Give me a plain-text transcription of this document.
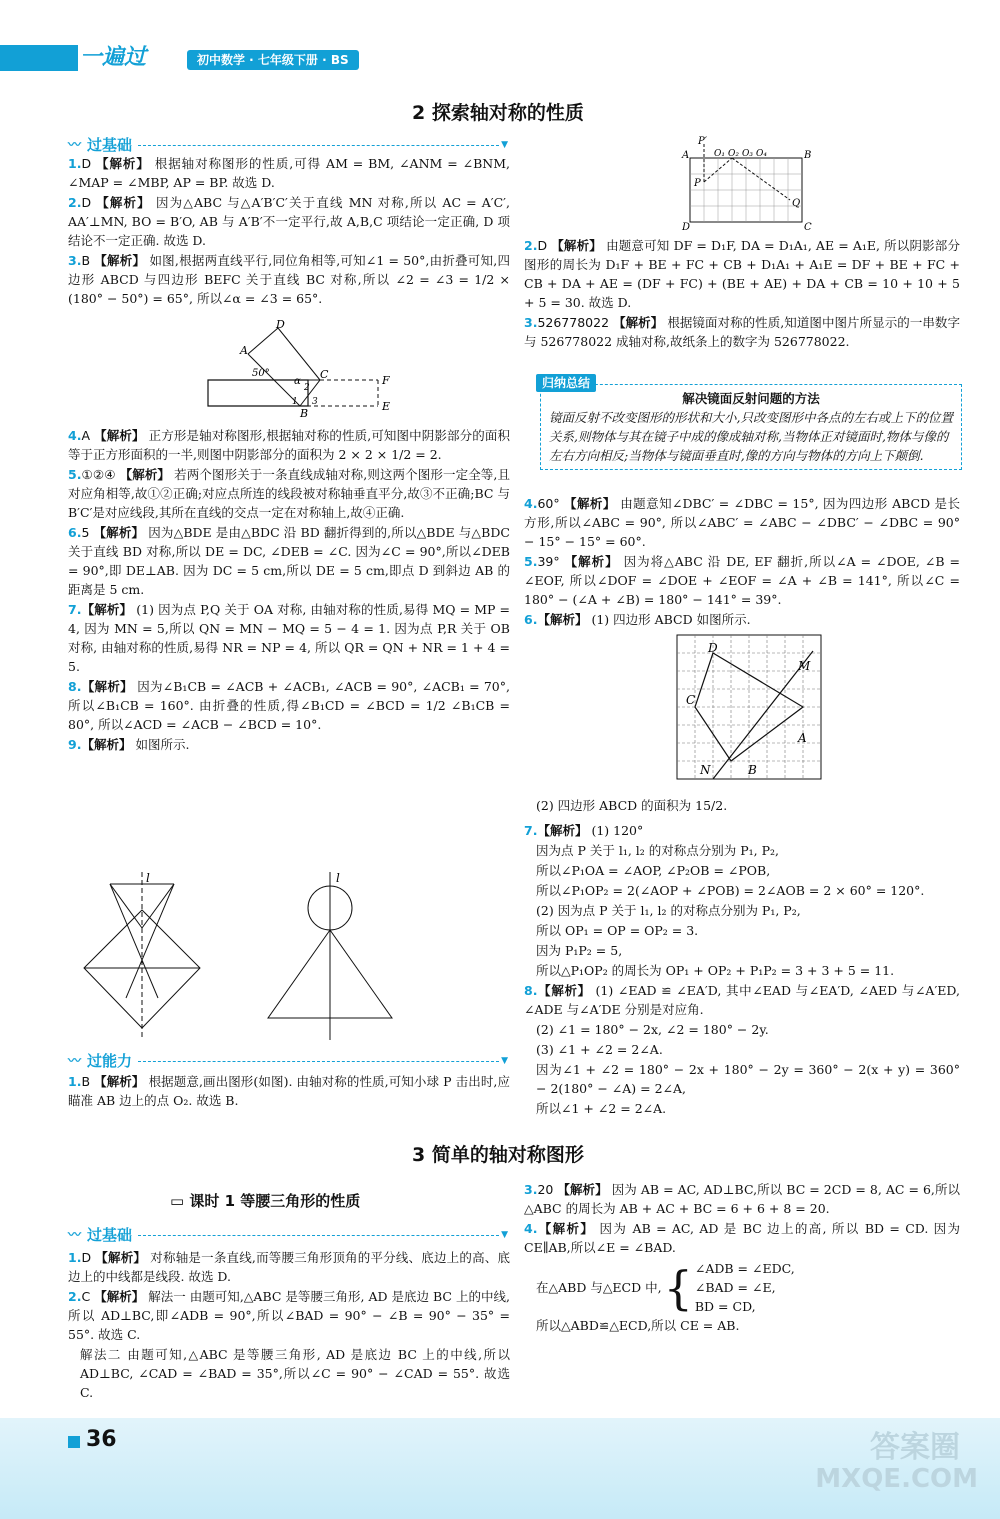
一遍过	初中数学 · 七年级下册 · BS
2 探索轴对称的性质
〰 过基础	▼

1.D 【解析】 根据轴对称图形的性质,可得 AM = BM, ∠ANM = ∠BNM, ∠MAP = ∠MBP, AP = BP. 故选 D.

2.D 【解析】 因为△ABC 与△A′B′C′关于直线 MN 对称,所以 AC = A′C′, AA′⊥MN, BO = B′O, AB 与 A′B′不一定平行,故 A,B,C 项结论一定正确, D 项结论不一定正确. 故选 D.

3.B 【解析】 如图,根据两直线平行,同位角相等,可知∠1 = 50°,由折叠可知,四边形 ABCD 与四边形 BEFC 关于直线 BC 对称,所以 ∠2 = ∠3 = 1/2 × (180° − 50°) = 65°, 所以∠α = ∠3 = 65°.

D
A
50°
α
2
C
1 3
B
F
E

4.A 【解析】 正方形是轴对称图形,根据轴对称的性质,可知图中阴影部分的面积等于正方形面积的一半,则图中阴影部分的面积为 2 × 2 × 1/2 = 2.

5.①②④ 【解析】 若两个图形关于一条直线成轴对称,则这两个图形一定全等,且对应角相等,故①②正确;对应点所连的线段被对称轴垂直平分,故③不正确;BC 与 B′C′是对应线段,其所在直线的交点一定在对称轴上,故④正确.

6.5 【解析】 因为△BDE 是由△BDC 沿 BD 翻折得到的,所以△BDE 与△BDC 关于直线 BD 对称,所以 DE = DC, ∠DEB = ∠C. 因为∠C = 90°,所以∠DEB = 90°,即 DE⊥AB. 因为 DC = 5 cm,所以 DE = 5 cm,即点 D 到斜边 AB 的距离是 5 cm.

7.【解析】 (1) 因为点 P,Q 关于 OA 对称, 由轴对称的性质,易得 MQ = MP = 4, 因为 MN = 5,所以 QN = MN − MQ = 5 − 4 = 1. 因为点 P,R 关于 OB 对称, 由轴对称的性质,易得 NR = NP = 4, 所以 QR = QN + NR = 1 + 4 = 5.

8.【解析】 因为∠B₁CB = ∠ACB + ∠ACB₁, ∠ACB = 90°, ∠ACB₁ = 70°, 所以∠B₁CB = 160°. 由折叠的性质,得∠B₁CD = ∠BCD = 1/2 ∠B₁CB = 80°, 所以∠ACD = ∠ACB − ∠BCD = 10°.

9.【解析】 如图所示.

l	l
〰 过能力	▼

1.B 【解析】 根据题意,画出图形(如图). 由轴对称的性质,可知小球 P 击出时,应瞄准 AB 边上的点 O₂. 故选 B.

P′
A	O₁ O₂ O₃ O₄	B
P
Q
C
D

2.D 【解析】 由题意可知 DF = D₁F, DA = D₁A₁, AE = A₁E, 所以阴影部分图形的周长为 D₁F + BE + FC + CB + D₁A₁ + A₁E = DF + BE + FC + CB + DA + AE = (DF + FC) + (BE + AE) + DA + CB = 10 + 10 + 5 + 5 = 30. 故选 D.

3.526778022 【解析】 根据镜面对称的性质,知道图中图片所显示的一串数字与 526778022 成轴对称,故纸条上的数字为 526778022.

解决镜面反射问题的方法
镜面反射不改变图形的形状和大小,只改变图形中各点的左右或上下的位置关系,则物体与其在镜子中成的像成轴对称,当物体正对镜面时,物体与像的左右方向相反;当物体与镜面垂直时,像的方向与物体的方向上下颠倒.
归纳总结

4.60° 【解析】 由题意知∠DBC′ = ∠DBC = 15°, 因为四边形 ABCD 是长方形,所以∠ABC = 90°, 所以∠ABC′ = ∠ABC − ∠DBC′ − ∠DBC = 90° − 15° − 15° = 60°.

5.39° 【解析】 因为将△ABC 沿 DE, EF 翻折,所以∠A = ∠DOE, ∠B = ∠EOF, 所以∠DOF = ∠DOE + ∠EOF = ∠A + ∠B = 141°, 所以∠C = 180° − (∠A + ∠B) = 180° − 141° = 39°.

6.【解析】 (1) 四边形 ABCD 如图所示.

D
M
C
A
N	B

(2) 四边形 ABCD 的面积为 15/2.

7.【解析】 (1) 120°

因为点 P 关于 l₁, l₂ 的对称点分别为 P₁, P₂,

所以∠P₁OA = ∠AOP, ∠P₂OB = ∠POB,

所以∠P₁OP₂ = 2(∠AOP + ∠POB) = 2∠AOB = 2 × 60° = 120°.

(2) 因为点 P 关于 l₁, l₂ 的对称点分别为 P₁, P₂,

所以 OP₁ = OP = OP₂ = 3.

因为 P₁P₂ = 5,

所以△P₁OP₂ 的周长为 OP₁ + OP₂ + P₁P₂ = 3 + 3 + 5 = 11.

8.【解析】 (1) ∠EAD ≌ ∠EA′D, 其中∠EAD 与∠EA′D, ∠AED 与∠A′ED, ∠ADE 与∠A′DE 分别是对应角.

(2) ∠1 = 180° − 2x, ∠2 = 180° − 2y.

(3) ∠1 + ∠2 = 2∠A.

因为∠1 + ∠2 = 180° − 2x + 180° − 2y = 360° − 2(x + y) = 360° − 2(180° − ∠A) = 2∠A,

所以∠1 + ∠2 = 2∠A.

3 简单的轴对称图形
▭ 课时 1 等腰三角形的性质
〰 过基础	▼

1.D 【解析】 对称轴是一条直线,而等腰三角形顶角的平分线、底边上的高、底边上的中线都是线段. 故选 D.

2.C 【解析】 解法一 由题可知,△ABC 是等腰三角形, AD 是底边 BC 上的中线,所以 AD⊥BC,即∠ADB = 90°,所以∠BAD = 90° − ∠B = 90° − 35° = 55°. 故选 C.

解法二 由题可知,△ABC 是等腰三角形, AD 是底边 BC 上的中线,所以 AD⊥BC, ∠CAD = ∠BAD = 35°,所以∠C = 90° − ∠CAD = 55°. 故选 C.

3.20 【解析】 因为 AB = AC, AD⊥BC,所以 BC = 2CD = 8, AC = 6,所以△ABC 的周长为 AB + AC + BC = 6 + 6 + 8 = 20.

4.【解析】 因为 AB = AC, AD 是 BC 边上的高, 所以 BD = CD. 因为 CE∥AB,所以∠E = ∠BAD.

在△ABD 与△ECD 中, { ∠ADB = ∠EDC,
∠BAD = ∠E,
BD = CD,

所以△ABD≌△ECD,所以 CE = AB.

36	答案圈
MXQE.COM
